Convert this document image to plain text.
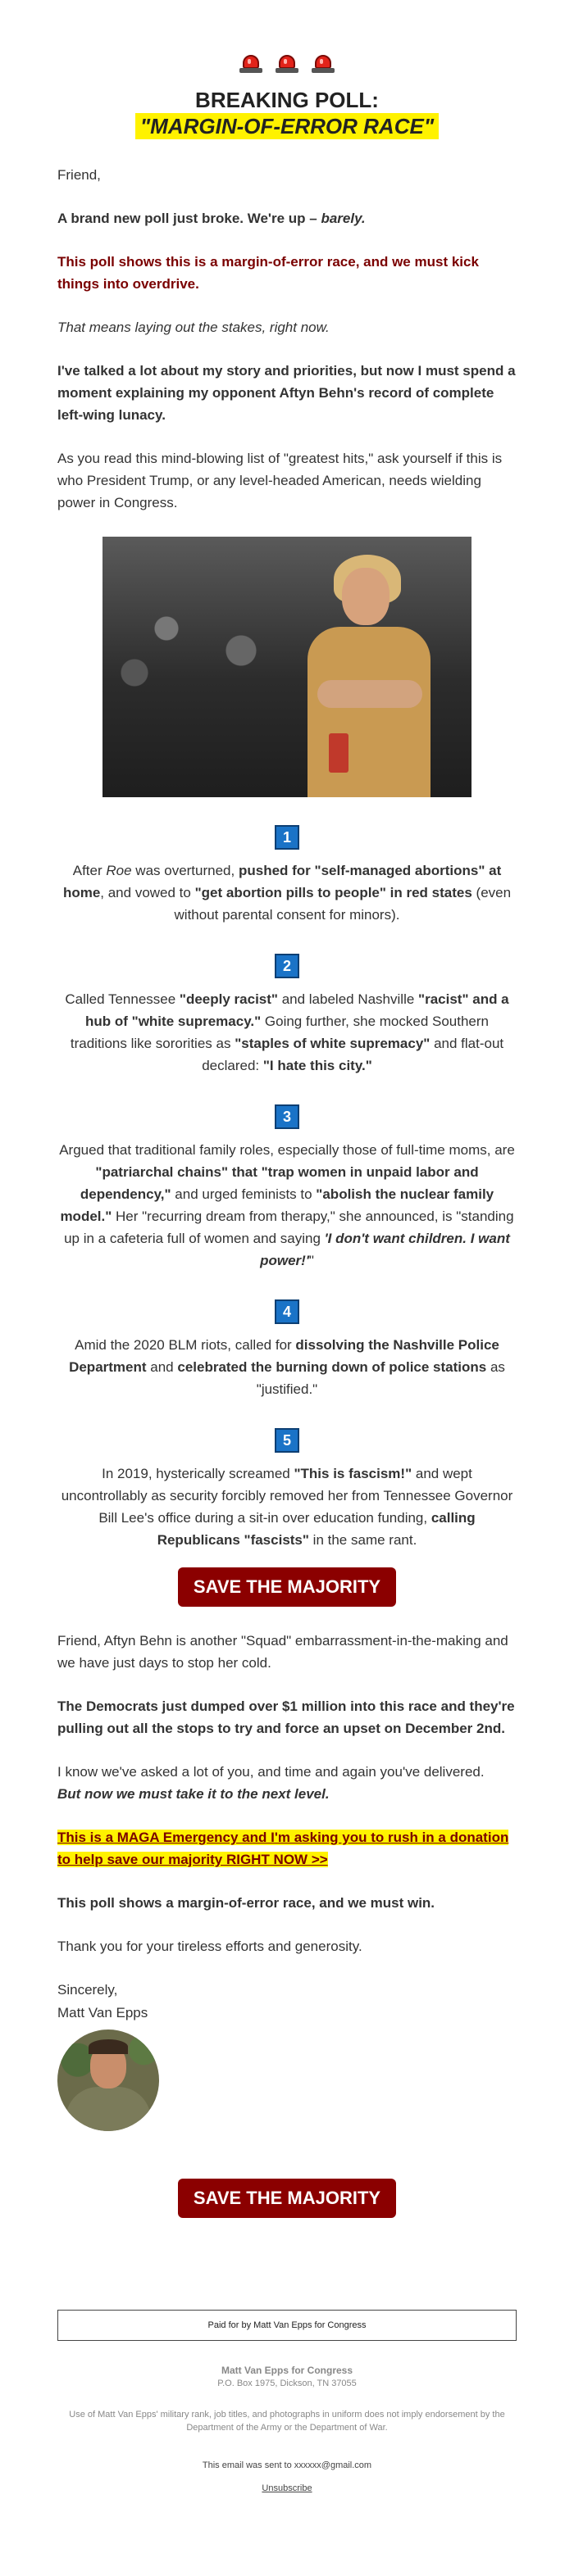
BREAKING POLL:
"MARGIN-OF-ERROR RACE"
Friend,
A brand new poll just broke. We're up – barely.
This poll shows this is a margin-of-error race, and we must kick things into overdrive.
That means laying out the stakes, right now.
I've talked a lot about my story and priorities, but now I must spend a moment explaining my opponent Aftyn Behn's record of complete left-wing lunacy.
As you read this mind-blowing list of "greatest hits," ask yourself if this is who President Trump, or any level-headed American, needs wielding power in Congress.
1
After Roe was overturned, pushed for "self-managed abortions" at home, and vowed to "get abortion pills to people" in red states (even without parental consent for minors).
2
Called Tennessee "deeply racist" and labeled Nashville "racist" and a hub of "white supremacy." Going further, she mocked Southern traditions like sororities as "staples of white supremacy" and flat-out declared: "I hate this city."
3
Argued that traditional family roles, especially those of full-time moms, are "patriarchal chains" that "trap women in unpaid labor and dependency," and urged feminists to "abolish the nuclear family model." Her "recurring dream from therapy," she announced, is "standing up in a cafeteria full of women and saying 'I don't want children. I want power!'"
4
Amid the 2020 BLM riots, called for dissolving the Nashville Police Department and celebrated the burning down of police stations as "justified."
5
In 2019, hysterically screamed "This is fascism!" and wept uncontrollably as security forcibly removed her from Tennessee Governor Bill Lee's office during a sit-in over education funding, calling Republicans "fascists" in the same rant.
SAVE THE MAJORITY
Friend, Aftyn Behn is another "Squad" embarrassment-in-the-making and we have just days to stop her cold.
The Democrats just dumped over $1 million into this race and they're pulling out all the stops to try and force an upset on December 2nd.
I know we've asked a lot of you, and time and again you've delivered.
But now we must take it to the next level.
This is a MAGA Emergency and I'm asking you to rush in a donation to help save our majority RIGHT NOW >>
This poll shows a margin-of-error race, and we must win.
Thank you for your tireless efforts and generosity.
Sincerely,
Matt Van Epps
SAVE THE MAJORITY
Paid for by Matt Van Epps for Congress
Matt Van Epps for Congress
P.O. Box 1975, Dickson, TN 37055
Use of Matt Van Epps' military rank, job titles, and photographs in uniform does not imply endorsement by the Department of the Army or the Department of War.
This email was sent to xxxxxx@gmail.com
Unsubscribe
